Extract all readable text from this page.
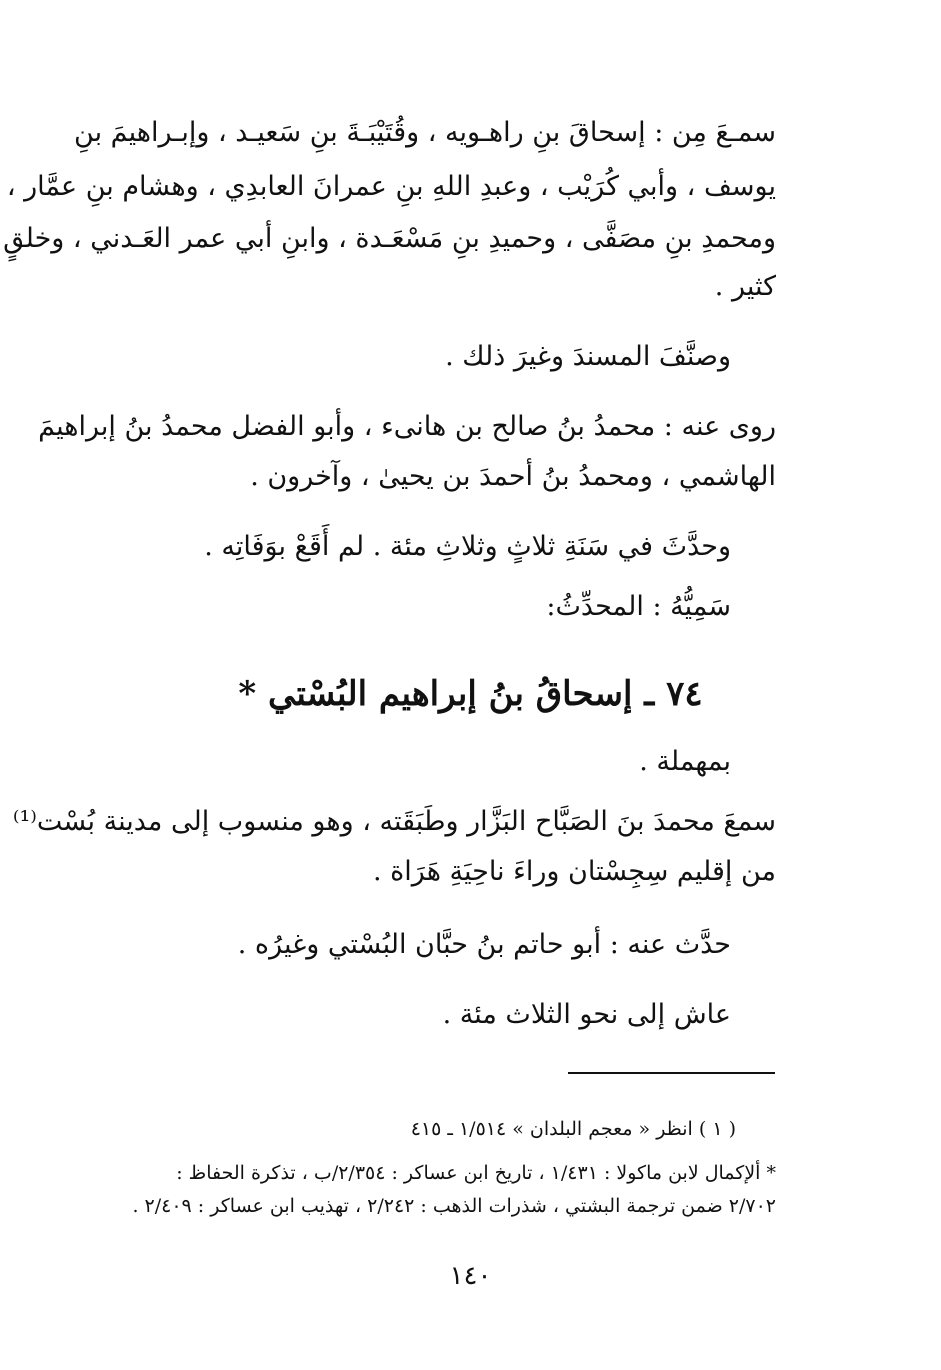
سمـعَ مِن : إسحاقَ بنِ راهـويه ، وقُتَيْبَـةَ بنِ سَعيـد ، وإبـراهيمَ بنِ
يوسف ، وأبي كُرَيْب ، وعبدِ اللهِ بنِ عمرانَ العابدِي ، وهشام بنِ عمَّار ،
ومحمدِ بنِ مصَفَّى ، وحميدِ بنِ مَسْعَـدة ، وابنِ أبي عمر العَـدني ، وخلقٍ
كثير .
وصنَّفَ المسندَ وغيرَ ذلك .
روى عنه : محمدُ بنُ صالح بن هانىء ، وأبو الفضل محمدُ بنُ إبراهيمَ
الهاشمي ، ومحمدُ بنُ أحمدَ بن يحيىٰ ، وآخرون .
وحدَّثَ في سَنَةِ ثلاثٍ وثلاثِ مئة . لم أَقَعْ بوَفَاتِه .
سَمِيُّهُ : المحدِّثُ:
٧٤ ـ إسحاقُ بنُ إبراهيم البُسْتي *
بمهملة .
سمعَ محمدَ بنَ الصَبَّاح البَزَّار وطَبَقَته ، وهو منسوب إلى مدينة بُسْت⁽¹⁾
من إقليم سِجِسْتان وراءَ ناحِيَةِ هَرَاة .
حدَّث عنه : أبو حاتم بنُ حبَّان البُسْتي وغيرُه .
عاش إلى نحو الثلاث مئة .
( ١ ) انظر « معجم البلدان » ١/٥١٤ ـ ٤١٥
* ألإكمال لابن ماكولا : ١/٤٣١ ، تاريخ ابن عساكر : ٢/٣٥٤/ب ، تذكرة الحفاظ :
٢/٧٠٢ ضمن ترجمة البشتي ، شذرات الذهب : ٢/٢٤٢ ، تهذيب ابن عساكر : ٢/٤٠٩ .
١٤٠
